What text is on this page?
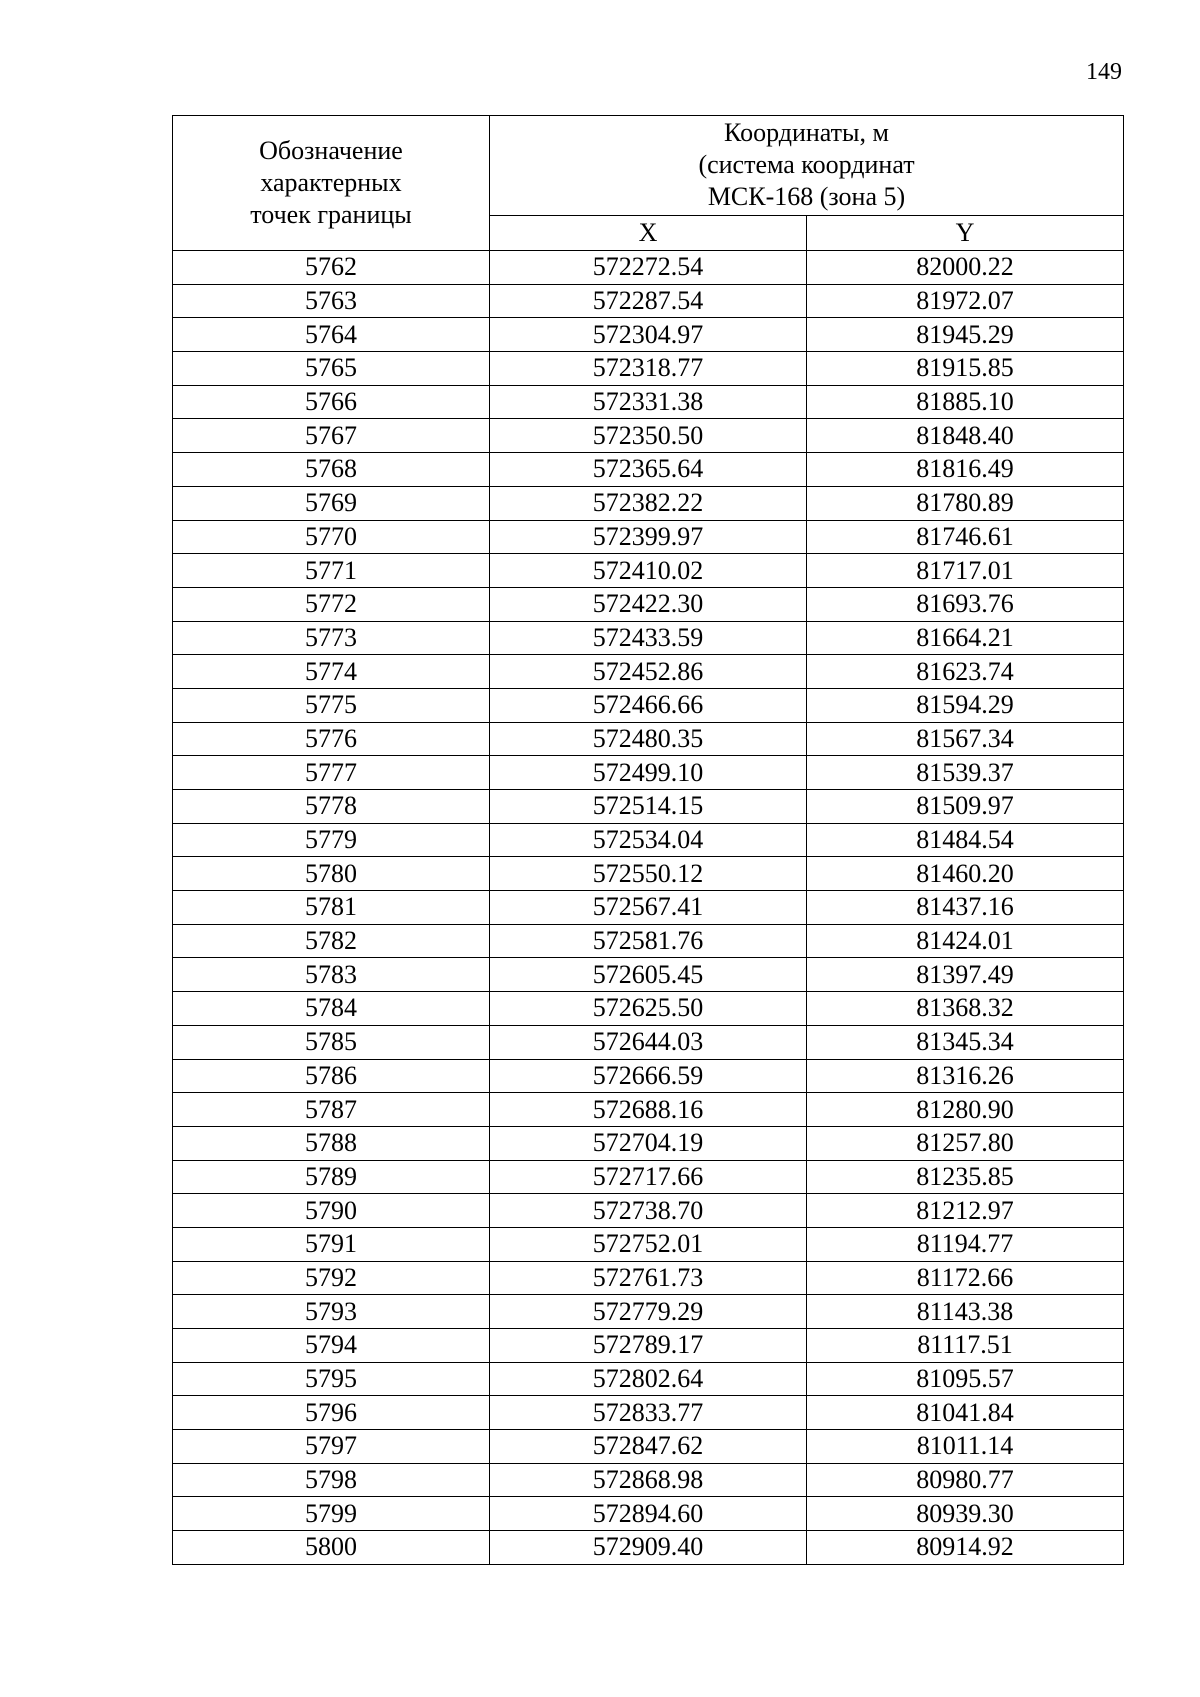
149
Обозначение
характерных
точек границы	Координаты, м
(система координат
МСК-168 (зона 5)	
	X	Y
5762	572272.54	82000.22
5763	572287.54	81972.07
5764	572304.97	81945.29
5765	572318.77	81915.85
5766	572331.38	81885.10
5767	572350.50	81848.40
5768	572365.64	81816.49
5769	572382.22	81780.89
5770	572399.97	81746.61
5771	572410.02	81717.01
5772	572422.30	81693.76
5773	572433.59	81664.21
5774	572452.86	81623.74
5775	572466.66	81594.29
5776	572480.35	81567.34
5777	572499.10	81539.37
5778	572514.15	81509.97
5779	572534.04	81484.54
5780	572550.12	81460.20
5781	572567.41	81437.16
5782	572581.76	81424.01
5783	572605.45	81397.49
5784	572625.50	81368.32
5785	572644.03	81345.34
5786	572666.59	81316.26
5787	572688.16	81280.90
5788	572704.19	81257.80
5789	572717.66	81235.85
5790	572738.70	81212.97
5791	572752.01	81194.77
5792	572761.73	81172.66
5793	572779.29	81143.38
5794	572789.17	81117.51
5795	572802.64	81095.57
5796	572833.77	81041.84
5797	572847.62	81011.14
5798	572868.98	80980.77
5799	572894.60	80939.30
5800	572909.40	80914.92
